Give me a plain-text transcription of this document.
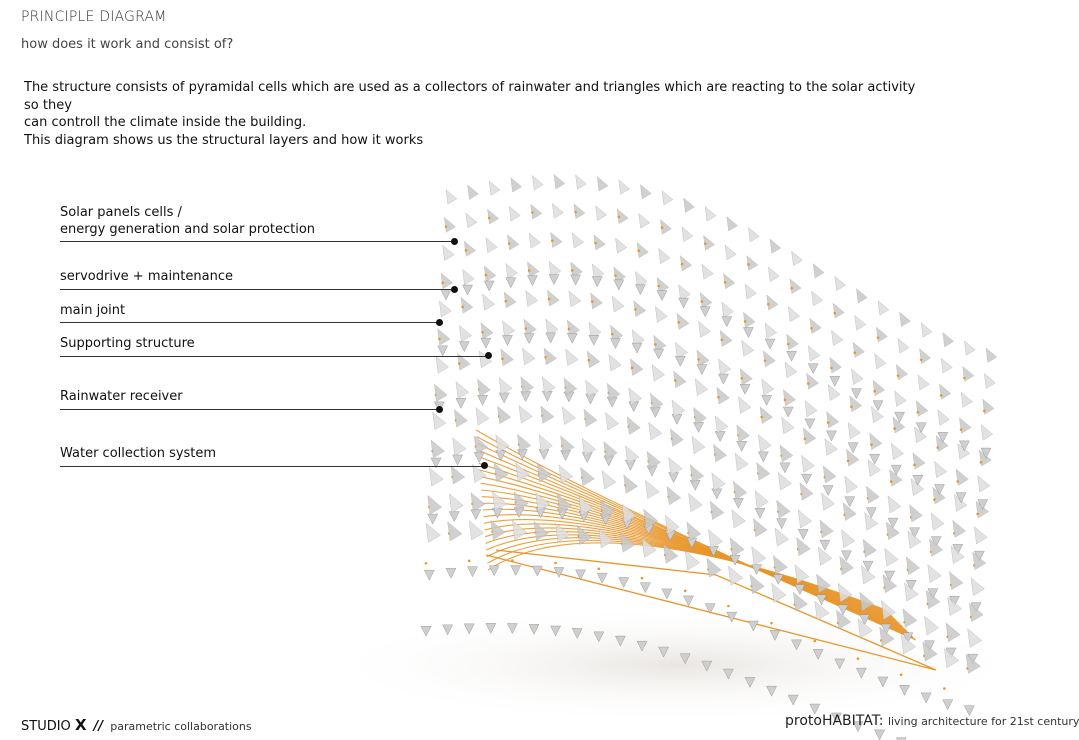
PRINCIPLE DIAGRAM
how does it work and consist of?

The structure consists of pyramidal cells which are used as a collectors of rainwater and triangles which are reacting to the solar activity so they

can controll the climate inside the building.

This diagram shows us the structural layers and how it works

Solar panels cells /
energy generation and solar protection
servodrive + maintenance
main joint
Supporting structure
Rainwater receiver
Water collection system
STUDIO X // parametric collaborations	protoHABITAT: living architecture for 21st century
